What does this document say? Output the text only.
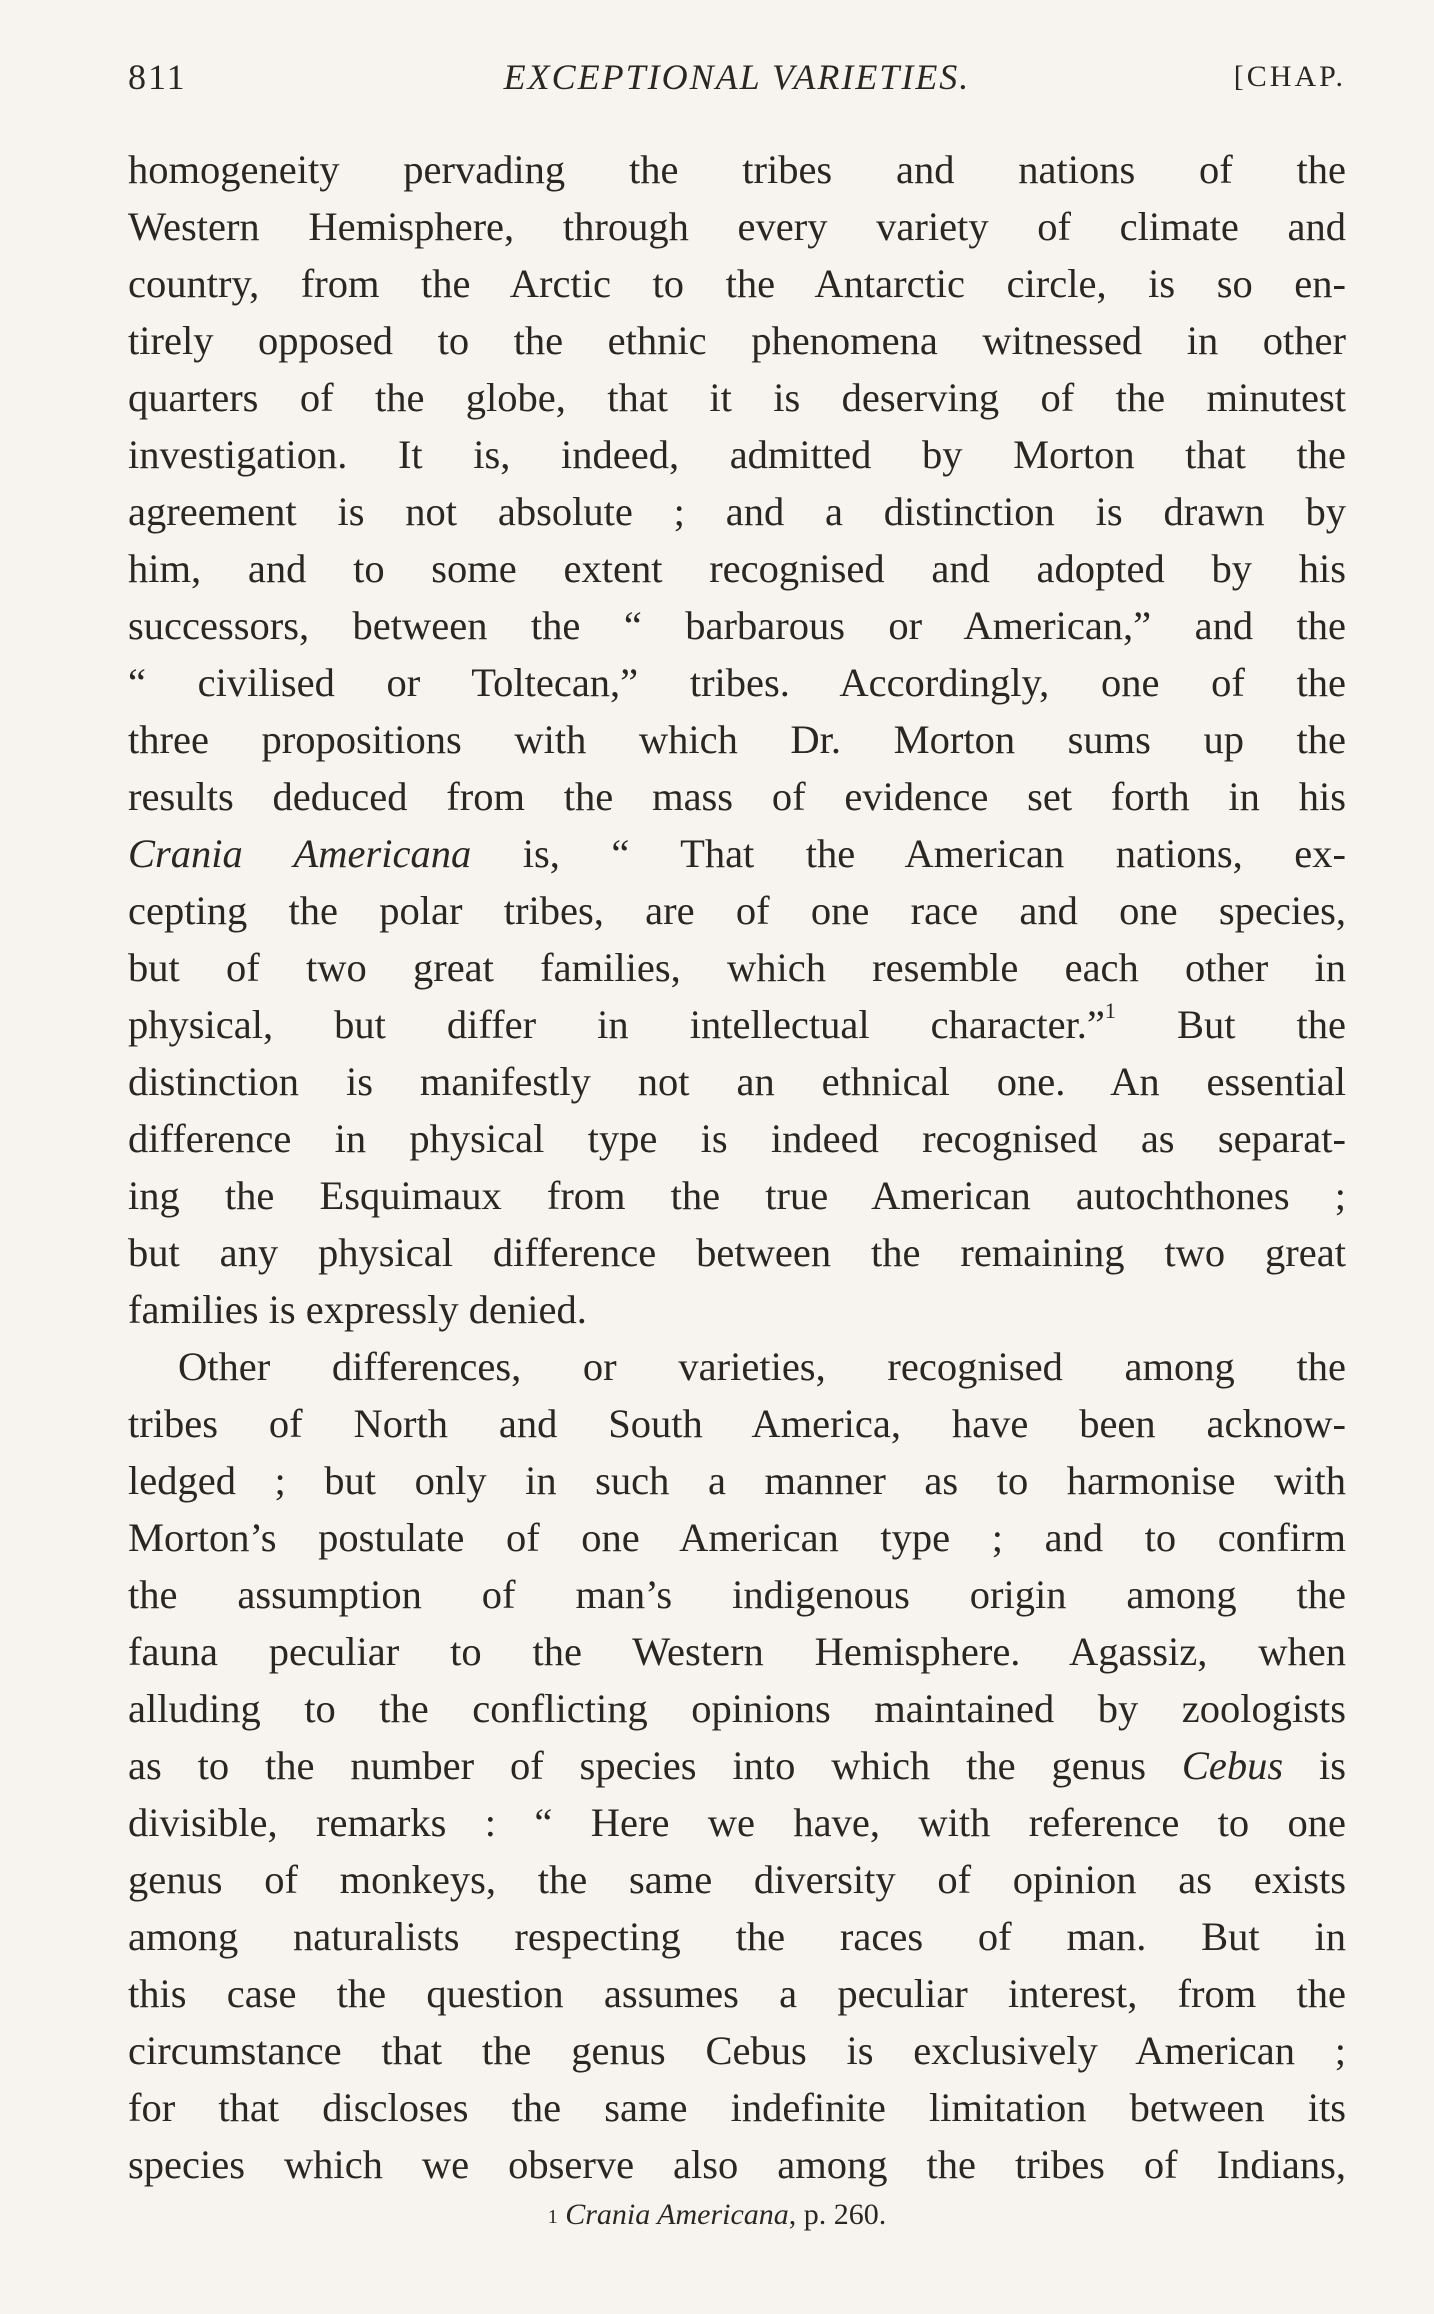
811	EXCEPTIONAL VARIETIES.	[CHAP.
homogeneity pervading the tribes and nations of the
Western Hemisphere, through every variety of climate and
country, from the Arctic to the Antarctic circle, is so en-
tirely opposed to the ethnic phenomena witnessed in other
quarters of the globe, that it is deserving of the minutest
investigation. It is, indeed, admitted by Morton that the
agreement is not absolute ; and a distinction is drawn by
him, and to some extent recognised and adopted by his
successors, between the “ barbarous or American,” and the
“ civilised or Toltecan,” tribes. Accordingly, one of the
three propositions with which Dr. Morton sums up the
results deduced from the mass of evidence set forth in his
Crania Americana is, “ That the American nations, ex-
cepting the polar tribes, are of one race and one species,
but of two great families, which resemble each other in
physical, but differ in intellectual character.”$^1$ But the
distinction is manifestly not an ethnical one. An essential
difference in physical type is indeed recognised as separat-
ing the Esquimaux from the true American autochthones ;
but any physical difference between the remaining two great
families is expressly denied.
Other differences, or varieties, recognised among the
tribes of North and South America, have been acknow-
ledged ; but only in such a manner as to harmonise with
Morton’s postulate of one American type ; and to confirm
the assumption of man’s indigenous origin among the
fauna peculiar to the Western Hemisphere. Agassiz, when
alluding to the conflicting opinions maintained by zoologists
as to the number of species into which the genus Cebus is
divisible, remarks : “ Here we have, with reference to one
genus of monkeys, the same diversity of opinion as exists
among naturalists respecting the races of man. But in
this case the question assumes a peculiar interest, from the
circumstance that the genus Cebus is exclusively American ;
for that discloses the same indefinite limitation between its
species which we observe also among the tribes of Indians,
$^1$ Crania Americana, p. 260.
